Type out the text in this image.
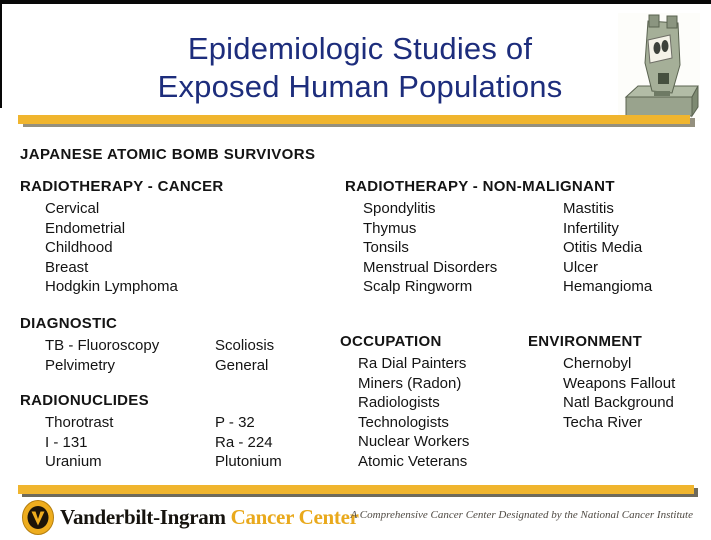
Epidemiologic Studies of
Exposed Human Populations
JAPANESE ATOMIC BOMB SURVIVORS
RADIOTHERAPY - CANCER
Cervical
Endometrial
Childhood
Breast
Hodgkin Lymphoma
RADIOTHERAPY - NON-MALIGNANT
Spondylitis
Thymus
Tonsils
Menstrual Disorders
Scalp Ringworm
Mastitis
Infertility
Otitis Media
Ulcer
Hemangioma
DIAGNOSTIC
TB - Fluoroscopy
Pelvimetry
Scoliosis
General
RADIONUCLIDES
Thorotrast
I - 131
Uranium
P - 32
Ra - 224
Plutonium
OCCUPATION
Ra Dial Painters
Miners (Radon)
Radiologists
Technologists
Nuclear Workers
Atomic Veterans
ENVIRONMENT
Chernobyl
Weapons Fallout
Natl Background
Techa River
Vanderbilt-Ingram Cancer Center
A Comprehensive Cancer Center Designated by the National Cancer Institute
